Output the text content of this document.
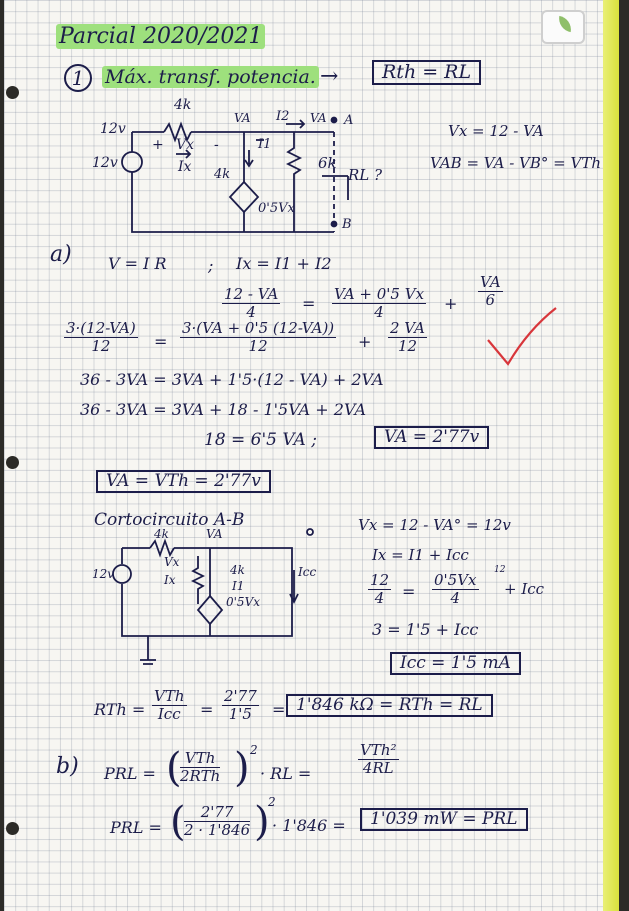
Parcial 2020/2021
1	Máx. transf. potencia. →	Rth = RL
12v
12v
4k
+ Vx -
Ix
VA I2 VA A
I1
4k
6k
RL ?
0'5Vx
B
Vx = 12 - VA
VAB = VA - VB° = VTh
a) V = I R	; Ix = I1 + I2
$\frac{12 - VA}{4} = \frac{VA + 0'5 Vx}{4} + \frac{VA}{6}$
$\frac{3\cdot(12-VA)}{12} = \frac{3\cdot(VA + 0'5 (12-VA))}{12} + \frac{2 VA}{12}$
36 - 3VA = 3VA + 1'5·(12 - VA) + 2VA
36 - 3VA = 3VA + 18 - 1'5VA + 2VA
18 = 6'5 VA ;	VA = 2'77v
VA = VTh = 2'77v
Cortocircuito A-B
4k	VA
Vx
Ix
12v	4k
I1
0'5Vx
Icc
Vx = 12 - VA° = 12v
Ix = I1 + Icc
$\frac{12}{4} = \frac{0'5Vx}{4}$
12
+ Icc
3 = 1'5 + Icc
Icc = 1'5 mA
RTh =
VTh
Icc	= $\frac{2'77}{1'5} = 1'846$ kΩ = RTh = RL
b) PRL = ( VTh
2RTh ) 2
· RL =
VTh²
4RL
PRL = (
$\frac{2'77}{2 \cdot 1'846}$ )
2
· 1'846 =	1'039 mW = PRL
